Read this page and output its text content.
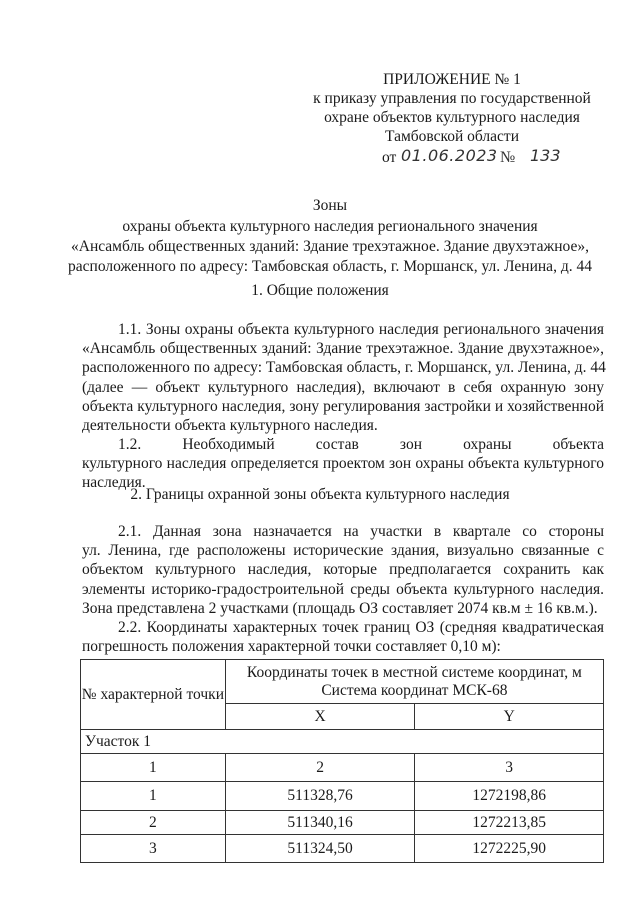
ПРИЛОЖЕНИЕ № 1
к приказу управления по государственной
охране объектов культурного наследия
Тамбовской области
от 01.06.2023 № 133
Зоны
охраны объекта культурного наследия регионального значения
«Ансамбль общественных зданий: Здание трехэтажное. Здание двухэтажное»,
расположенного по адресу: Тамбовская область, г. Моршанск, ул. Ленина, д. 44
1. Общие положения
1.1. Зоны охраны объекта культурного наследия регионального значения
«Ансамбль общественных зданий: Здание трехэтажное. Здание двухэтажное»,
расположенного по адресу: Тамбовская область, г. Моршанск, ул. Ленина, д. 44
(далее — объект культурного наследия), включают в себя охранную зону
объекта культурного наследия, зону регулирования застройки и хозяйственной
деятельности объекта культурного наследия.
1.2. Необходимый состав зон охраны объекта
культурного наследия определяется проектом зон охраны объекта культурного
наследия.
2. Границы охранной зоны объекта культурного наследия
2.1. Данная зона назначается на участки в квартале со стороны
ул. Ленина, где расположены исторические здания, визуально связанные с
объектом культурного наследия, которые предполагается сохранить как
элементы историко-градостроительной среды объекта культурного наследия.
Зона представлена 2 участками (площадь ОЗ составляет 2074 кв.м ± 16 кв.м.).
2.2. Координаты характерных точек границ ОЗ (средняя квадратическая
погрешность положения характерной точки составляет 0,10 м):
№ характерной точки	Координаты точек в местной системе координат, м
Система координат МСК-68	

	X	Y
Участок 1		
1	2	3
1	511328,76	1272198,86
2	511340,16	1272213,85
3	511324,50	1272225,90
